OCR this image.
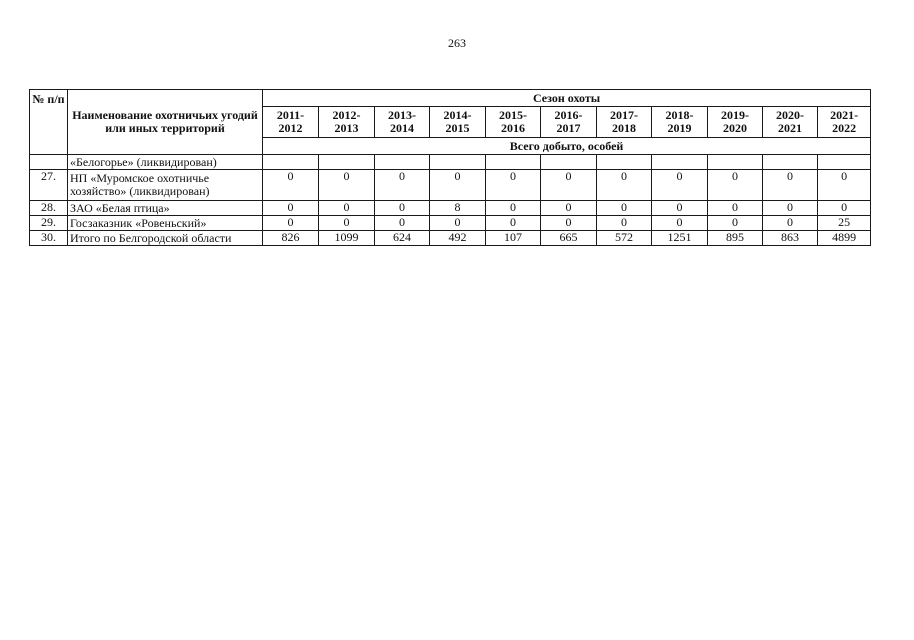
263
№ п/п	Наименование охотничьих угодий или иных территорий	Сезон охоты										
		2011-2012	2012-2013	2013-2014	2014-2015	2015-2016	2016-2017	2017-2018	2018-2019	2019-2020	2020-2021	2021-2022
		Всего добыто, особей										
	«Белогорье» (ликвидирован)											
27.	НП «Муромское охотничье хозяйство» (ликвидирован)	0	0	0	0	0	0	0	0	0	0	0
28.	ЗАО «Белая птица»	0	0	0	8	0	0	0	0	0	0	0
29.	Госзаказник «Ровеньский»	0	0	0	0	0	0	0	0	0	0	25
30.	Итого по Белгородской области	826	1099	624	492	107	665	572	1251	895	863	4899
